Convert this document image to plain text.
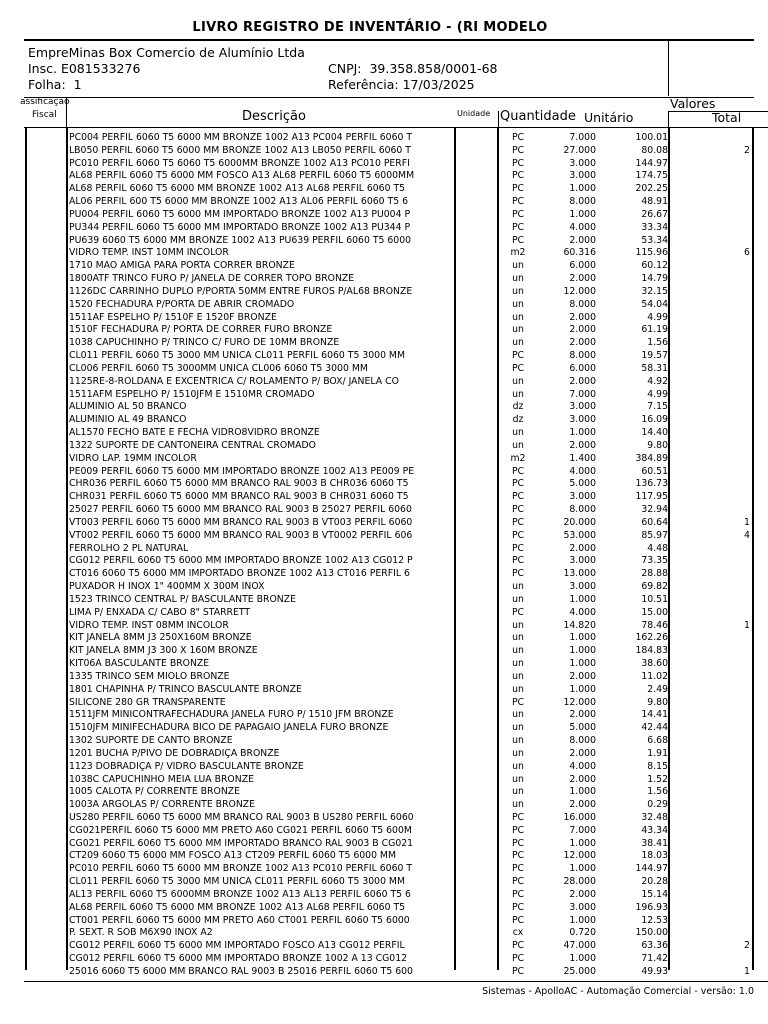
LIVRO REGISTRO DE INVENTÁRIO - (RI MODELO
EmpreMinas Box Comercio de Alumínio Ltda
Insc. E081533276	CNPJ: 39.358.858/0001-68
Folha: 1	Referência: 17/03/2025
assificação
Fiscal	Descrição	Unidade Quantidade
Valores
Unitário	Total
PC004 PERFIL 6060 T5 6000 MM BRONZE 1002 A13 PC004 PERFIL 6060 T	PC	7.000	100.01
LB050 PERFIL 6060 T5 6000 MM BRONZE 1002 A13 LB050 PERFIL 6060 T	PC	27.000	80.08	2
PC010 PERFIL 6060 T5 6060 T5 6000MM BRONZE 1002 A13 PC010 PERFI	PC	3.000	144.97
AL68 PERFIL 6060 T5 6000 MM FOSCO A13 AL68 PERFIL 6060 T5 6000MM	PC	3.000	174.75
AL68 PERFIL 6060 T5 6000 MM BRONZE 1002 A13 AL68 PERFIL 6060 T5	PC	1.000	202.25
AL06 PERFIL 600 T5 6000 MM BRONZE 1002 A13 AL06 PERFIL 6060 T5 6	PC	8.000	48.91
PU004 PERFIL 6060 T5 6000 MM IMPORTADO BRONZE 1002 A13 PU004 P	PC	1.000	26.67
PU344 PERFIL 6060 T5 6000 MM IMPORTADO BRONZE 1002 A13 PU344 P	PC	4.000	33.34
PU639 6060 T5 6000 MM BRONZE 1002 A13 PU639 PERFIL 6060 T5 6000	PC	2.000	53.34
VIDRO TEMP. INST 10MM INCOLOR	m2	60.316	115.96	6
1710 MAO AMIGA PARA PORTA CORRER BRONZE	un	6.000	60.12
1800ATF TRINCO FURO P/ JANELA DE CORRER TOPO BRONZE	un	2.000	14.79
1126DC CARRINHO DUPLO P/PORTA 50MM ENTRE FUROS P/AL68 BRONZE	un	12.000	32.15
1520 FECHADURA P/PORTA DE ABRIR CROMADO	un	8.000	54.04
1511AF ESPELHO P/ 1510F E 1520F BRONZE	un	2.000	4.99
1510F FECHADURA P/ PORTA DE CORRER FURO BRONZE	un	2.000	61.19
1038 CAPUCHINHO P/ TRINCO C/ FURO DE 10MM BRONZE	un	2.000	1.56
CL011 PERFIL 6060 T5 3000 MM UNICA CL011 PERFIL 6060 T5 3000 MM	PC	8.000	19.57
CL006 PERFIL 6060 T5 3000MM UNICA CL006 6060 T5 3000 MM	PC	6.000	58.31
1125RE-8-ROLDANA E EXCENTRICA C/ ROLAMENTO P/ BOX/ JANELA CO	un	2.000	4.92
1511AFM ESPELHO P/ 1510JFM E 1510MR CROMADO	un	7.000	4.99
ALUMINIO AL 50 BRANCO	dz	3.000	7.15
ALUMINIO AL 49 BRANCO	dz	3.000	16.09
AL1570 FECHO BATE E FECHA VIDRO8VIDRO BRONZE	un	1.000	14.40
1322 SUPORTE DE CANTONEIRA CENTRAL CROMADO	un	2.000	9.80
VIDRO LAP. 19MM INCOLOR	m2	1.400	384.89
PE009 PERFIL 6060 T5 6000 MM IMPORTADO BRONZE 1002 A13 PE009 PE	PC	4.000	60.51
CHR036 PERFIL 6060 T5 6000 MM BRANCO RAL 9003 B CHR036 6060 T5	PC	5.000	136.73
CHR031 PERFIL 6060 T5 6000 MM BRANCO RAL 9003 B CHR031 6060 T5	PC	3.000	117.95
25027 PERFIL 6060 T5 6000 MM BRANCO RAL 9003 B 25027 PERFIL 6060	PC	8.000	32.94
VT003 PERFIL 6060 T5 6000 MM BRANCO RAL 9003 B VT003 PERFIL 6060	PC	20.000	60.64	1
VT002 PERFIL 6060 T5 6000 MM BRANCO RAL 9003 B VT0002 PERFIL 606	PC	53.000	85.97	4
FERROLHO 2 PL NATURAL	PC	2.000	4.48
CG012 PERFIL 6060 T5 6000 MM IMPORTADO BRONZE 1002 A13 CG012 P	PC	3.000	73.35
CT016 6060 T5 6000 MM IMPORTADO BRONZE 1002 A13 CT016 PERFIL 6	PC	13.000	28.88
PUXADOR H INOX 1" 400MM X 300M INOX	un	3.000	69.82
1523 TRINCO CENTRAL P/ BASCULANTE BRONZE	un	1.000	10.51
LIMA P/ ENXADA C/ CABO 8" STARRETT	PC	4.000	15.00
VIDRO TEMP. INST 08MM INCOLOR	un	14.820	78.46	1
KIT JANELA 8MM J3 250X160M BRONZE	un	1.000	162.26
KIT JANELA 8MM J3 300 X 160M BRONZE	un	1.000	184.83
KIT06A BASCULANTE BRONZE	un	1.000	38.60
1335 TRINCO SEM MIOLO BRONZE	un	2.000	11.02
1801 CHAPINHA P/ TRINCO BASCULANTE BRONZE	un	1.000	2.49
SILICONE 280 GR TRANSPARENTE	PC	12.000	9.80
1511JFM MINICONTRAFECHADURA JANELA FURO P/ 1510 JFM BRONZE	un	2.000	14.41
1510JFM MINIFECHADURA BICO DE PAPAGAIO JANELA FURO BRONZE	un	5.000	42.44
1302 SUPORTE DE CANTO BRONZE	un	8.000	6.68
1201 BUCHA P/PIVO DE DOBRADIÇA BRONZE	un	2.000	1.91
1123 DOBRADIÇA P/ VIDRO BASCULANTE BRONZE	un	4.000	8.15
1038C CAPUCHINHO MEIA LUA BRONZE	un	2.000	1.52
1005 CALOTA P/ CORRENTE BRONZE	un	1.000	1.56
1003A ARGOLAS P/ CORRENTE BRONZE	un	2.000	0.29
US280 PERFIL 6060 T5 6000 MM BRANCO RAL 9003 B US280 PERFIL 6060	PC	16.000	32.48
CG021PERFIL 6060 T5 6000 MM PRETO A60 CG021 PERFIL 6060 T5 600M	PC	7.000	43.34
CG021 PERFIL 6060 T5 6000 MM IMPORTADO BRANCO RAL 9003 B CG021	PC	1.000	38.41
CT209 6060 T5 6000 MM FOSCO A13 CT209 PERFIL 6060 T5 6000 MM	PC	12.000	18.03
PC010 PERFIL 6060 T5 6000 MM BRONZE 1002 A13 PC010 PERFIL 6060 T	PC	1.000	144.97
CL011 PERFIL 6060 T5 3000 MM UNICA CL011 PERFIL 6060 T5 3000 MM	PC	28.000	20.28
AL13 PERFIL 6060 T5 6000MM BRONZE 1002 A13 AL13 PERFIL 6060 T5 6	PC	2.000	15.14
AL68 PERFIL 6060 T5 6000 MM BRONZE 1002 A13 AL68 PERFIL 6060 T5	PC	3.000	196.93
CT001 PERFIL 6060 T5 6000 MM PRETO A60 CT001 PERFIL 6060 T5 6000	PC	1.000	12.53
P. SEXT. R SOB M6X90 INOX A2	cx	0.720	150.00
CG012 PERFIL 6060 T5 6000 MM IMPORTADO FOSCO A13 CG012 PERFIL	PC	47.000	63.36	2
CG012 PERFIL 6060 T5 6000 MM IMPORTADO BRONZE 1002 A 13 CG012	PC	1.000	71.42
25016 6060 T5 6000 MM BRANCO RAL 9003 B 25016 PERFIL 6060 T5 600	PC	25.000	49.93	1
Sistemas - ApolloAC - Automação Comercial - versão: 1.0
